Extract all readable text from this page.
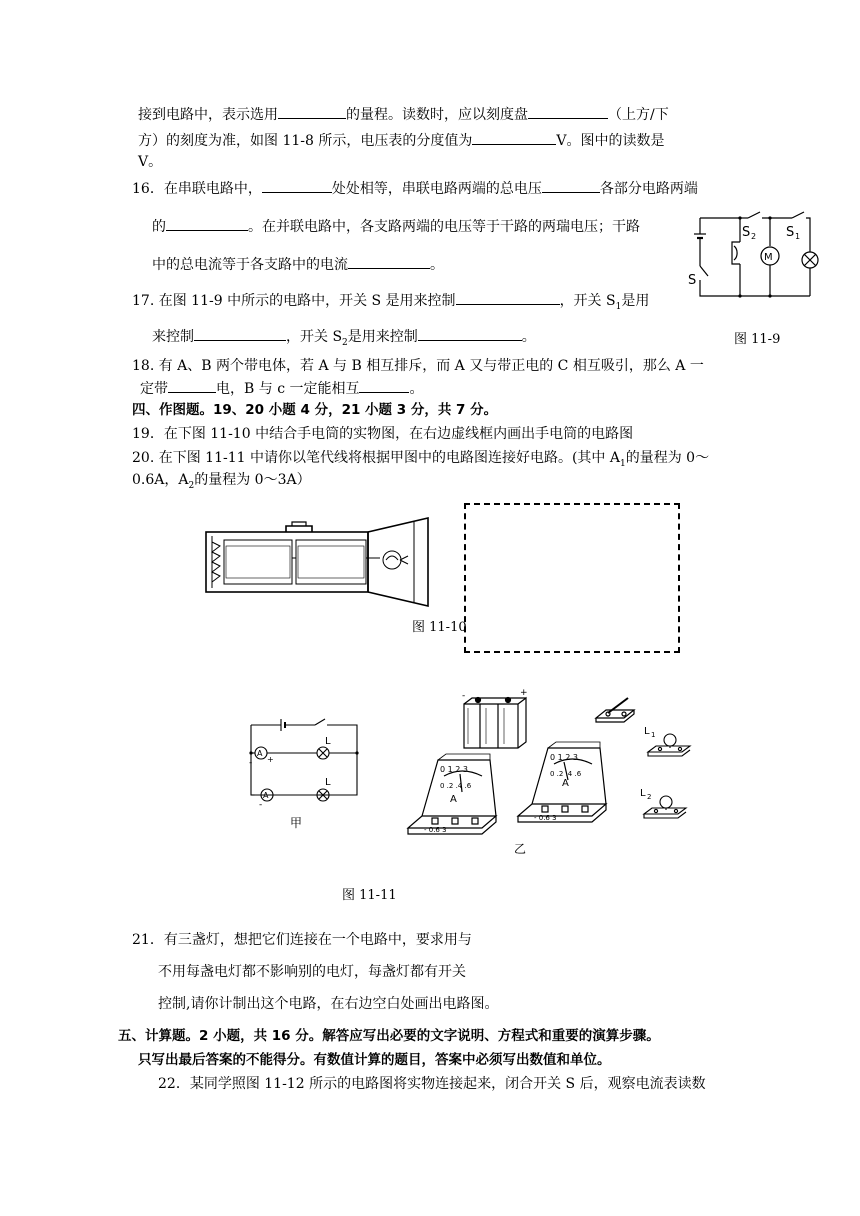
接到电路中，表示选用	的量程。读数时，应以刻度盘	（上方/下
方）的刻度为准，如图 11-8 所示，电压表的分度值为	V。图中的读数是
V。
16．在串联电路中，	处处相等，串联电路两端的总电压	各部分电路两端
的	。在并联电路中，各支路两端的电压等于干路的两瑞电压；干路
中的总电流等于各支路中的电流	。
17. 在图 11-9 中所示的电路中，开关 S 是用来控制	，开关 $S_1$是用
来控制	，开关 $S_2$是用来控制	。
M
S 2 S 1
S
图 11-9
18. 有 A、B 两个带电体，若 A 与 B 相互排斥，而 A 又与带正电的 C 相互吸引，那么 A 一
定带	电，B 与 c 一定能相互	。
四、作图题。19、20 小题 4 分，21 小题 3 分，共 7 分。
19．在下图 11-10 中结合手电筒的实物图，在右边虚线框内画出手电筒的电路图
20. 在下图 11-11 中请你以笔代线将根据甲图中的电路图连接好电路。(其中 $A_1$的量程为 0～
0.6A，$A_2$的量程为 0～3A）
图 11-10
A
A
- +
-
L
L
甲
-	+
0 1 2 3
0 .2 .4 .6
A
- 0.6 3
0 1 2 3
0 .2 .4 .6
A
- 0.6 3
L 1
L 2
乙
图 11-11
21．有三盏灯，想把它们连接在一个电路中，要求用与
不用每盏电灯都不影响别的电灯，每盏灯都有开关
控制,请你计制出这个电路，在右边空白处画出电路图。
五、计算题。2 小题，共 16 分。解答应写出必要的文字说明、方程式和重要的演算步骤。
只写出最后答案的不能得分。有数值计算的题目，答案中必须写出数值和单位。
22．某同学照图 11-12 所示的电路图将实物连接起来，闭合开关 S 后，观察电流表读数
